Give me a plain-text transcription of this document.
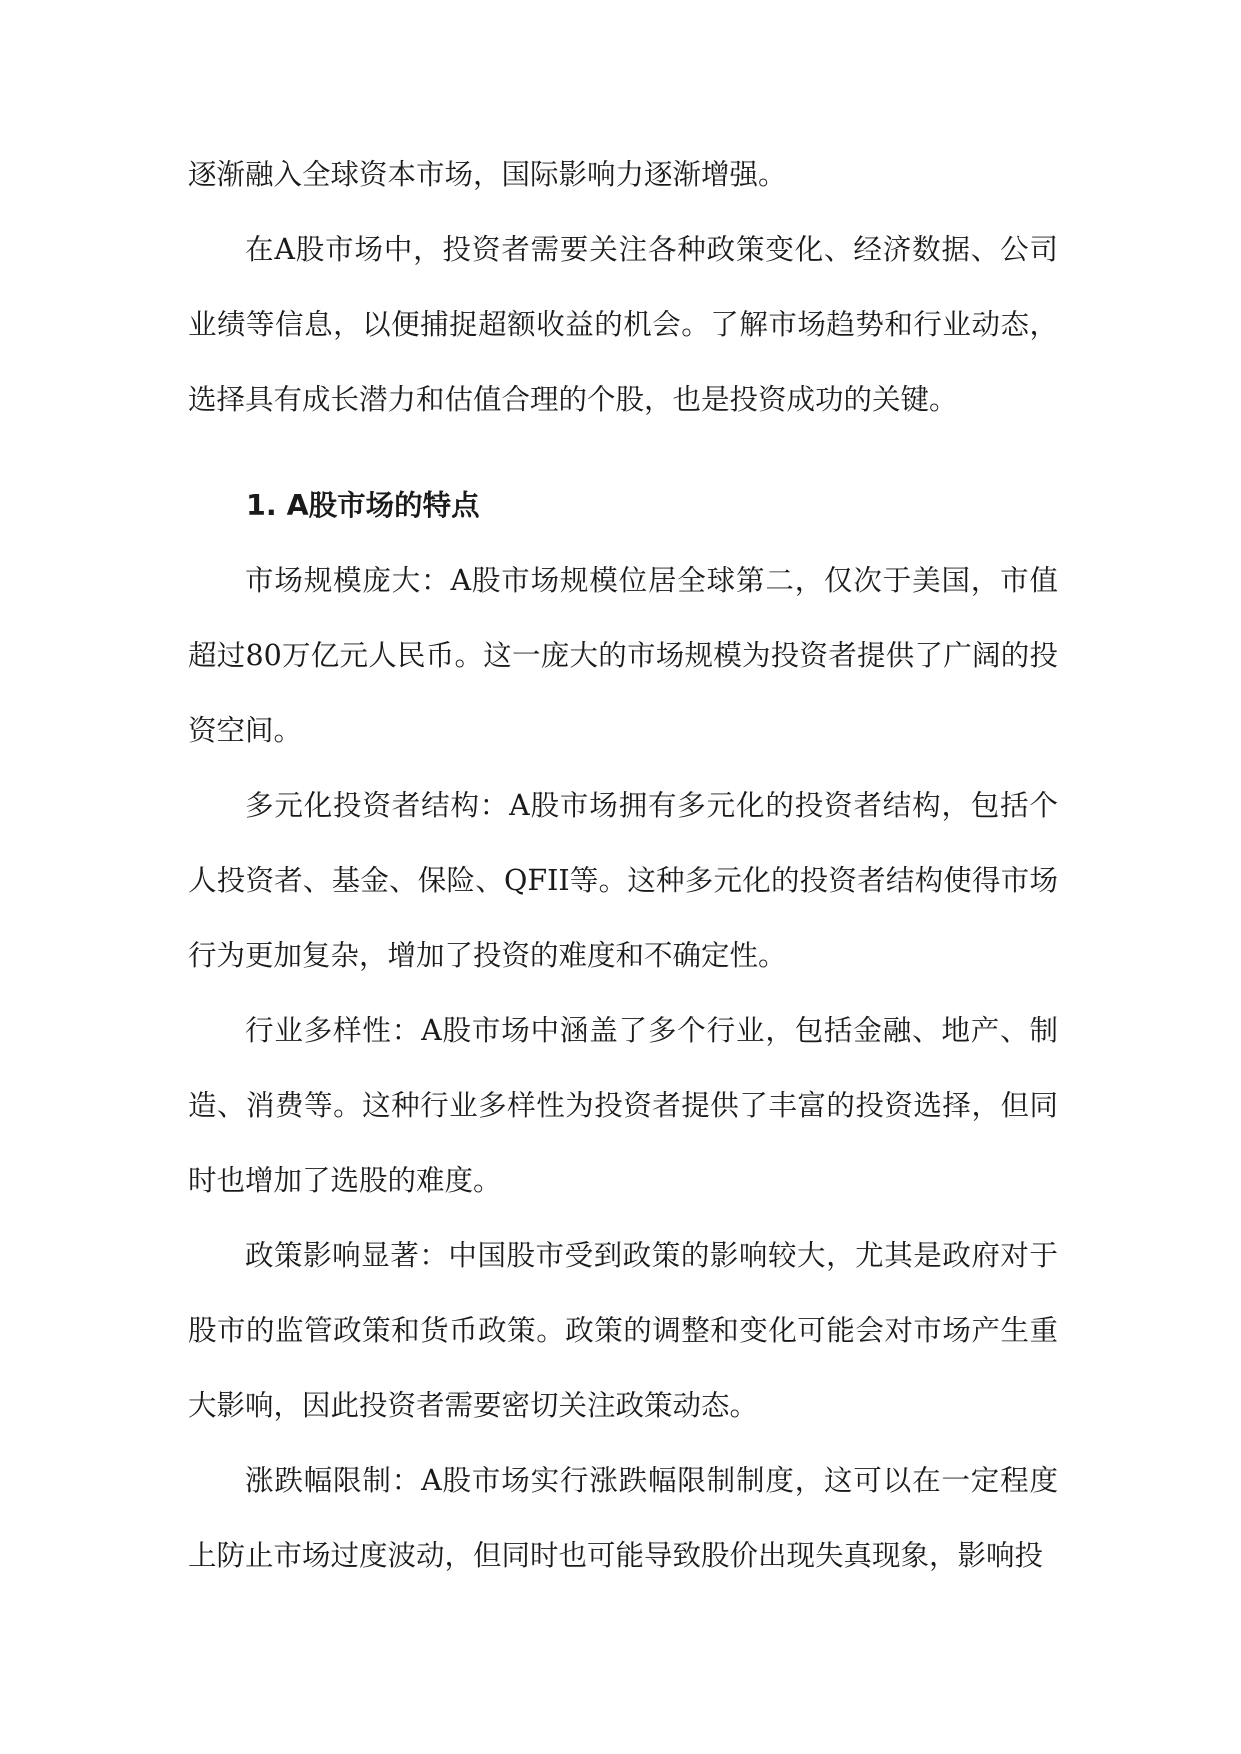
逐渐融入全球资本市场，国际影响力逐渐增强。

在A股市场中，投资者需要关注各种政策变化、经济数据、公司业绩等信息，以便捕捉超额收益的机会。了解市场趋势和行业动态，选择具有成长潜力和估值合理的个股，也是投资成功的关键。

1. A股市场的特点

市场规模庞大：A股市场规模位居全球第二，仅次于美国，市值超过80万亿元人民币。这一庞大的市场规模为投资者提供了广阔的投资空间。

多元化投资者结构：A股市场拥有多元化的投资者结构，包括个人投资者、基金、保险、QFII等。这种多元化的投资者结构使得市场行为更加复杂，增加了投资的难度和不确定性。

行业多样性：A股市场中涵盖了多个行业，包括金融、地产、制造、消费等。这种行业多样性为投资者提供了丰富的投资选择，但同时也增加了选股的难度。

政策影响显著：中国股市受到政策的影响较大，尤其是政府对于股市的监管政策和货币政策。政策的调整和变化可能会对市场产生重大影响，因此投资者需要密切关注政策动态。

涨跌幅限制：A股市场实行涨跌幅限制制度，这可以在一定程度上防止市场过度波动，但同时也可能导致股价出现失真现象，影响投
